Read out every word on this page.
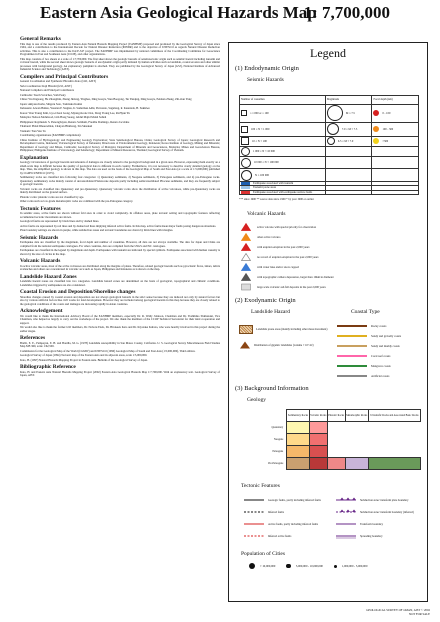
Eastern Asia Geological Hazards Map
1: 7,700,000
General Remarks
This map is one of the results produced by Eastern Asia Natural Hazards Mapping Project (EANHMP) proposed and promoted by the Geological Survey of Japan since 1994, and a contribution to the International Decade for Natural Disaster Reduction (IDNDR) and to the objective of UNESCO as regards Natural Disaster Reduction activities. This is also a contribution to the IGCP-347 project. The EANHMP was implemented by national committees of the Coordinating Committee for Geoscience Programmes in East and Southeast Asia (CCOP), and other organizations.
This map consists of two sheets at a scale of 1:7,700,000. The first sheet shows the geologic hazards of seismotectonic origin such as seismic hazard including tsunami and volcanic hazard, while the second sheet shows geologic hazards of exodynamic origin partly initiated by human activities such as landslide, coastal erosion and other similar processes with background geology. An explanatory pamphlet is attached. They are published by the Geological Survey of Japan (GSJ), National Institute of Advanced Industrial Science and Technology (AIST).
Compilers and Principal Contributors
General Coordination and Synthesis: Hiroshiro Kato (GSJ, AIST)
Sub-Coordination: Kaji Hiroshi (GSJ, AIST)
National Compilers and Principal Contributors
Cambodia: Touch Sovichea, Voth Peaty
China: Wu Jingsong, He Zhongmin, Zhang Jinlong, Yinghao, Ding Guoyu, Wen Baogong, Tie Yanqing, Ding Guoyu, Peishan Zhang, Zhi-xian Yang
Japan: Akiyasu Inaba, Shigeru Sato, Toshitaka Kamai
Indonesia: Arwan Buhan, Yonatan P. Siagian, Ir. Sudarman Adhi, Purwanto, Sugalang, Ir. Kusniada, H. Sukkiwe
Korea: Won Young Kim, Gyo-Cheol Jeong, Myung-Kook Choi, Dong Young Lee, Ri-Hyun Yu
Malaysia: Nelson Mohmood, Lim Hong Seong, Abdul Majid Mohd Salleh
Philippines: Raymundo S. Punongbayan, Renato Solidum, Freddie Domingo, Renato Jacobine
Thailand: Phisit Dheeradilok, Chaiyan Hinthong, Sin Sinsakul
Vietnam: Tran Van Tu
Contributing organizations (EANHMP compilation):
China Institute of Hydrogeology and Engineering Geology Exploration; State Seismological Bureau, China; Geological Survey of Japan; Geological Research and Development Centre, Indonesia; Volcanological Survey of Indonesia; Directorate of Environmental Geology, Indonesia; Korea Institute of Geology, Mining and Minerals; Department of Geology and Mines, Cambodia; Geological Survey of Malaysia; Department of Minerals and Geosciences, Malaysia; Mines and Geosciences Bureau, Philippines; Philippine Institute of Volcanology and Seismology; Department of Mineral Resources, Thailand; Geological Survey of Vietnam.
Explanation
Geology: Occurrences of geologic hazards and amounts of damages are closely related to the geological background in a given area. However, expressing them exactly on a small-scale map is difficult because the quality of geological data is different in each country. Furthermore, it is not necessary to describe overly detailed geology on the map. Thus, the simplified geology is shown in this map. The data are used on the basis of the Geological Map of South and East Asia (at a scale of 1:5,000,000) published by CGMW/UNESCO (1975).
Sedimentary rocks are classified into following four categories: 1) Quaternary sediments, 2) Neogene sediments, 3) Paleogene sediments, and 4) pre-Paleogene rocks. Quaternary sedimentary rocks mainly consist of unconsolidated Pleistocene deposits partly including semiconsolidated Pliocene sediments, and they are frequently subject to geologic hazards.
Volcanic rocks are classified into Quaternary and pre-Quaternary. Quaternary volcanic rocks show the distribution of active volcanoes, while pre-Quaternary rocks are mainly distributed on the ground surface.
Plutonic rocks: plutonic rocks are not classified by age.
Other rocks such as low-grade metamorphic rocks are combined with the pre-Paleogene category.
Tectonic Features
In seismic areas, active faults are shown without fold axes in order to avoid complexity. In offshore areas, plate tectonic setting and topographic features reflecting accumulated tectonic movements are shown.
Geological faults are represented by black lines and by dashed lines.
Active faults are represented by red lines and by dashed red lines implying inferred active faults. In this map, active faults mean major faults posing dangerous situations.
Plate boundary settings are shown in purple, while subduction zones and tectonic boundaries are drawn by thick lines with triangles.
Seismic Hazards
Earthquake data are classified by the magnitude, focal depth and number of casualties. However, all data are not always available. The data for Japan and China are compiled from the national earthquake catalogues. For other countries, data are compiled from the USGS and ISC catalogues.
Earthquakes are classified in the legend by magnitude and depth. Earthquakes with tsunami are indicated by special symbols. Earthquake associated with human casualty is shown by the size of circles in the map.
Volcanic Hazards
In active volcanic areas, most of the active volcanoes are distributed along the margins of plates. Therefore, related geologic hazards such as pyroclastic flows, lahars, debris avalanches and others are concentrated in volcanic arcs such as Japan, Philippines and Indonesia as is shown on the map.
Landslide Hazard Zones
Landslide hazard zones are classified into two categories. Landslide hazard zones are determined on the basis of geological, topographical and climatic conditions. Landslides triggered by earthquakes are also considered.
Coastal Erosion and Deposition/Shoreline changes
Shoreline changes caused by coastal erosion and deposition are not always geological hazards in the strict sense because they are induced not only by natural factors but also by various artificial factors like civil works for land development. However they are included among geological hazards in this map because they are closely related to the geological conditions of the coasts and damages are increasing rapidly in Asian countries.
Acknowledgement
We would like to thank the International Advisory Board of the EANHMP members, especially Dr. R. Wally Johnson, Chairman and Dr. Yoshihiko Shimazaki, Vice Chairman, who helped us largely to carry out the workshops of the project. We also thank the members of the CCOP Technical Secretariat for their kind cooperation and support.
We would also like to thank the former GSJ members, Dr. Noboru Endo, Dr. Hirokazu Kato and Dr. Kiyotaka Kubota, who were heavily involved in this project during the earlier stages.
References
Brabb, E. E., Pampeyan, E. H. and Bonilla, M. G. (1978) Landslide susceptibility in San Mateo County, California. U. S. Geological Survey Miscellaneous Field Studies Map MF-360, scale 1:62,500.
Commission for the Geological Map of the World (CGMW) and UNESCO (1990) Geological Map of South and East Asia (1:5,000,000), Third edition.
Geological Survey of Japan (1994) Tectonic map of the Eastern Asia and its adjacent areas, scale 1:5,000,000.
Kato, H. (1997) Natural Hazards Mapping Project in Eastern Asia. Bulletin of the Geological Survey of Japan.
Bibliographic Reference
Kato, H. and Eastern Asia Natural Hazards Mapping Project (2002) Eastern Asia Geological Hazards Map 1:7,700,000. With an explanatory text. Geological Survey of Japan, AIST.
Legend
(1) Endodynamic Origin
Seismic Hazards
Number of casualties	Magnitude	Focal depth (km)

≥ 1 000 or ≥ 100	M ≥ 7.5	0 - 100

100 ≤ N < 1 000	7.0 ≤ M < 7.5	100 - 300

10 ≤ N < 100	6.5 ≤ M < 7.0	>300

1 000 ≤ N < 10 000		

10 000 ≤ N < 100 000		

N ≥ 100 000		

Earthquake associated with tsunami		

Tsunami prone areas		

Earthquake associated with earthquake surface faults		

*** since 1900 ** source data since 1900 * by year 1900 or earlier
Volcanic Hazards
active volcano with special priority for observation
other active volcano
with eruption eruption in the past 2,000 years
no record of eruption eruption in the past 2,000 years
with crater lake and/or snow capped
with topographic caldera depression, larger than 10km in diameter
large scale volcanic ash fall deposits in the past 2,000 years
(2) Exodynamic Origin
Landslide Hazard	Coastal Type
Landslide prone areas (mainly including other mass movement)
Distribution of gigantic landslides (volume > 10⁷ m³)
Rocky coasts
Sandy and gravelly coasts
Sandy and muddy coasts
Coral reef coasts
Mangrove coasts
Artificial coasts
(3) Background Information
Geology
	Sedimentary Rocks	Volcanic Rocks	Plutonic Rocks	Metamorphic Rocks	Ultramafic Rocks and Associated Basic Rocks
Quaternary					
Neogene					
Paleogene					
Pre-Paleogene					
Tectonic Features
Geologic faults, partly including inferred faults	Subduction zone/ transform plate boundary
Inferred faults	Subduction zone/ transform boundary (inferred)
Active faults, partly including inferred faults	Transform boundary
Inferred active faults	Spreading boundary
Population of Cities
> 10,000,000	5,000,000 - 10,000,000	1,000,000 - 5,000,000
GEOLOGICAL SURVEY OF JAPAN, AIST © 2002
NOT FOR SALE
